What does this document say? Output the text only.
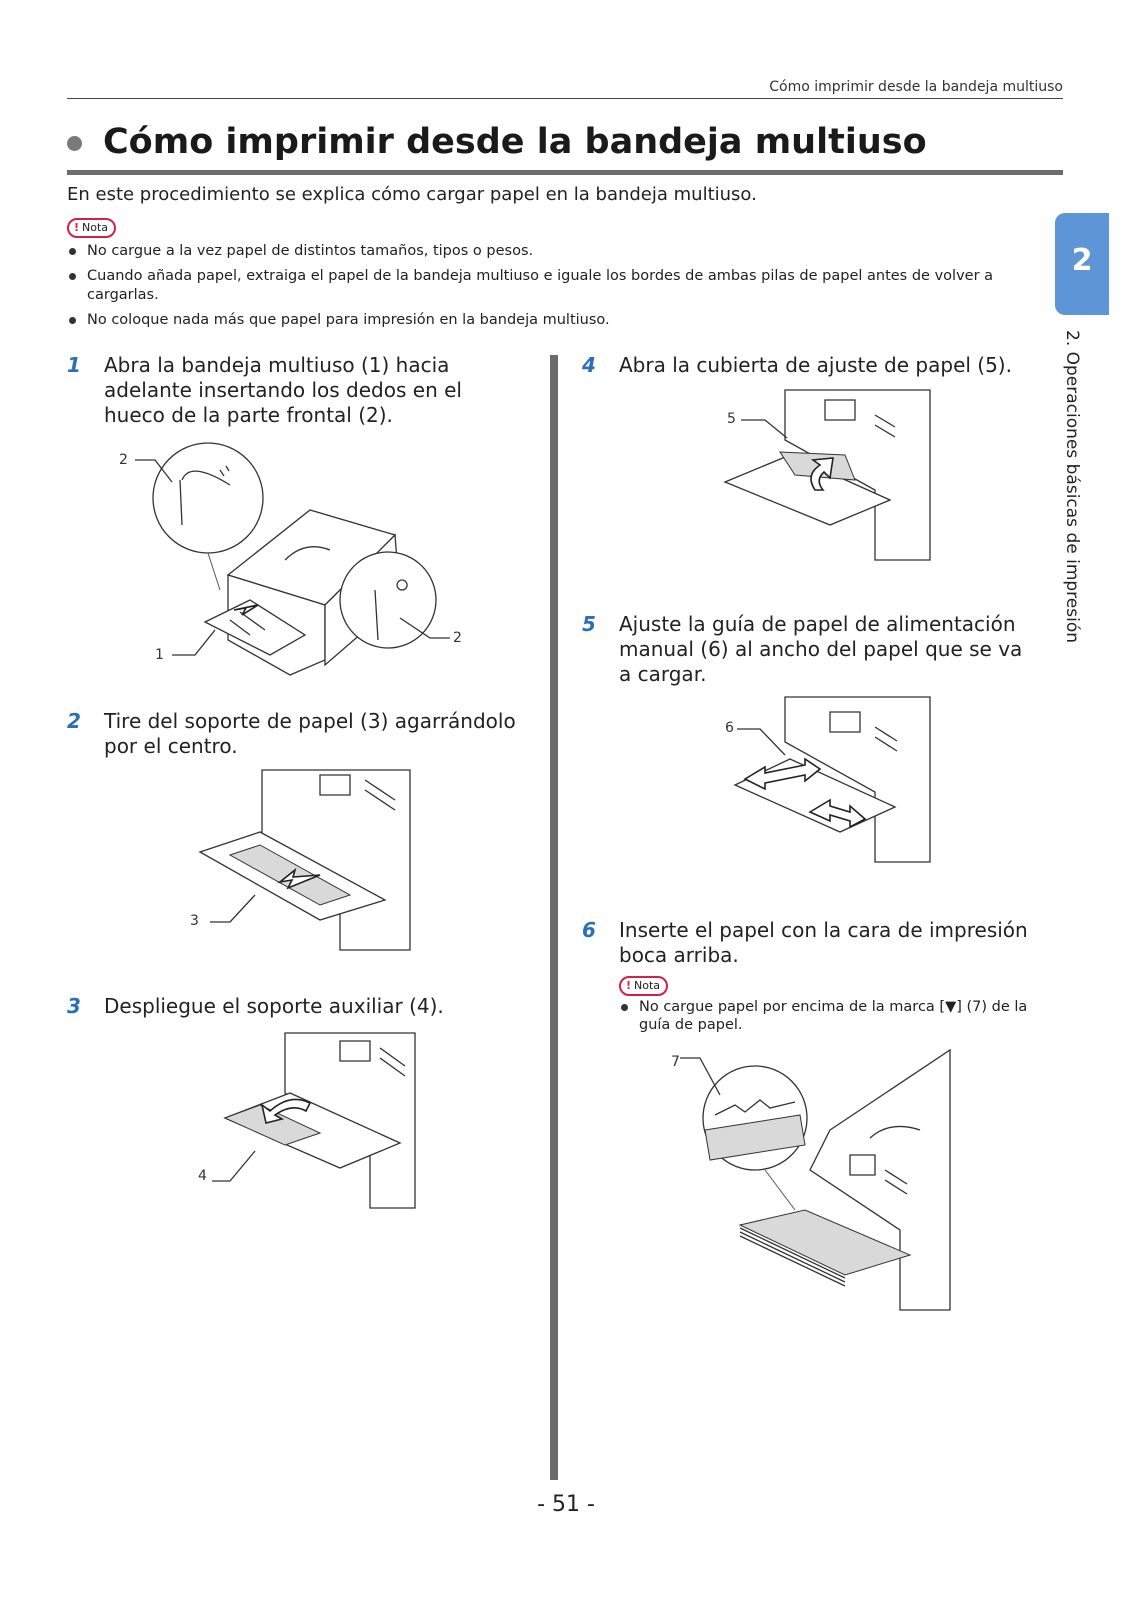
Cómo imprimir desde la bandeja multiuso
Cómo imprimir desde la bandeja multiuso
En este procedimiento se explica cómo cargar papel en la bandeja multiuso.
! Nota
No cargue a la vez papel de distintos tamaños, tipos o pesos.
Cuando añada papel, extraiga el papel de la bandeja multiuso e iguale los bordes de ambas pilas de papel antes de volver a cargarlas.
No coloque nada más que papel para impresión en la bandeja multiuso.
1 Abra la bandeja multiuso (1) hacia adelante insertando los dedos en el hueco de la parte frontal (2).
2
1
2
2 Tire del soporte de papel (3) agarrándolo por el centro.
3
3 Despliegue el soporte auxiliar (4).
4
4 Abra la cubierta de ajuste de papel (5).
5
5 Ajuste la guía de papel de alimentación manual (6) al ancho del papel que se va a cargar.
6
6 Inserte el papel con la cara de impresión boca arriba.
! Nota
No cargue papel por encima de la marca [▼] (7) de la guía de papel.
7
2
2. Operaciones básicas de impresión
- 51 -
